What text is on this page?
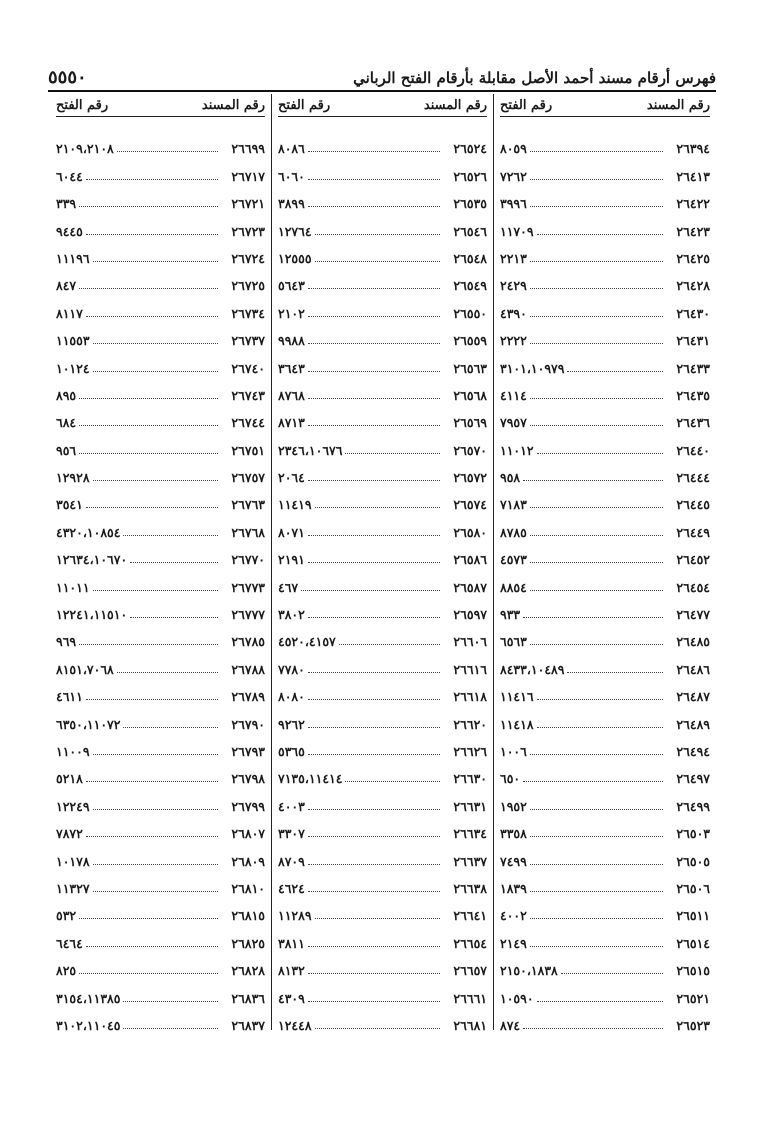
فهرس أرقام مسند أحمد الأصل مقابلة بأرقام الفتح الرباني
٥٥٥٠
رقم المسند
رقم الفتح
٢٦٣٩٤
٨٠٥٩
٢٦٤١٣
٧٢٦٢
٢٦٤٢٢
٣٩٩٦
٢٦٤٢٣
١١٧٠٩
٢٦٤٢٥
٢٢١٣
٢٦٤٢٨
٢٤٢٩
٢٦٤٣٠
٤٣٩٠
٢٦٤٣١
٢٢٢٢
٢٦٤٣٣
٣١٠١،١٠٩٧٩
٢٦٤٣٥
٤١١٤
٢٦٤٣٦
٧٩٥٧
٢٦٤٤٠
١١٠١٢
٢٦٤٤٤
٩٥٨
٢٦٤٤٥
٧١٨٣
٢٦٤٤٩
٨٧٨٥
٢٦٤٥٢
٤٥٧٣
٢٦٤٥٤
٨٨٥٤
٢٦٤٧٧
٩٣٣
٢٦٤٨٥
٦٥٦٣
٢٦٤٨٦
٨٤٣٣،١٠٤٨٩
٢٦٤٨٧
١١٤١٦
٢٦٤٨٩
١١٤١٨
٢٦٤٩٤
١٠٠٦
٢٦٤٩٧
٦٥٠
٢٦٤٩٩
١٩٥٢
٢٦٥٠٣
٣٣٥٨
٢٦٥٠٥
٧٤٩٩
٢٦٥٠٦
١٨٣٩
٢٦٥١١
٤٠٠٢
٢٦٥١٤
٢١٤٩
٢٦٥١٥
٢١٥٠،١٨٣٨
٢٦٥٢١
١٠٥٩٠
٢٦٥٢٣
٨٧٤
رقم المسند
رقم الفتح
٢٦٥٢٤
٨٠٨٦
٢٦٥٢٦
٦٠٦٠
٢٦٥٣٥
٣٨٩٩
٢٦٥٤٦
١٢٧٦٤
٢٦٥٤٨
١٢٥٥٥
٢٦٥٤٩
٥٦٤٣
٢٦٥٥٠
٢١٠٢
٢٦٥٥٩
٩٩٨٨
٢٦٥٦٣
٣٦٤٣
٢٦٥٦٨
٨٧٦٨
٢٦٥٦٩
٨٧١٣
٢٦٥٧٠
٢٣٤٦،١٠٦٧٦
٢٦٥٧٢
٢٠٦٤
٢٦٥٧٤
١١٤١٩
٢٦٥٨٠
٨٠٧١
٢٦٥٨٦
٢١٩١
٢٦٥٨٧
٤٦٧
٢٦٥٩٧
٣٨٠٢
٢٦٦٠٦
٤٥٢٠،٤١٥٧
٢٦٦١٦
٧٧٨٠
٢٦٦١٨
٨٠٨٠
٢٦٦٢٠
٩٢٦٢
٢٦٦٢٦
٥٣٦٥
٢٦٦٣٠
٧١٣٥،١١٤١٤
٢٦٦٣١
٤٠٠٣
٢٦٦٣٤
٣٣٠٧
٢٦٦٣٧
٨٧٠٩
٢٦٦٣٨
٤٦٢٤
٢٦٦٤١
١١٢٨٩
٢٦٦٥٤
٣٨١١
٢٦٦٥٧
٨١٣٢
٢٦٦٦١
٤٣٠٩
٢٦٦٨١
١٢٤٤٨
رقم المسند
رقم الفتح
٢٦٦٩٩
٢١٠٩،٢١٠٨
٢٦٧١٧
٦٠٤٤
٢٦٧٢١
٣٣٩
٢٦٧٢٣
٩٤٤٥
٢٦٧٢٤
١١١٩٦
٢٦٧٢٥
٨٤٧
٢٦٧٣٤
٨١١٧
٢٦٧٣٧
١١٥٥٣
٢٦٧٤٠
١٠١٢٤
٢٦٧٤٣
٨٩٥
٢٦٧٤٤
٦٨٤
٢٦٧٥١
٩٥٦
٢٦٧٥٧
١٢٩٢٨
٢٦٧٦٣
٣٥٤١
٢٦٧٦٨
٤٣٢٠،١٠٨٥٤
٢٦٧٧٠
١٢٦٣٤،١٠٦٧٠
٢٦٧٧٣
١١٠١١
٢٦٧٧٧
١٢٢٤١،١١٥١٠
٢٦٧٨٥
٩٦٩
٢٦٧٨٨
٨١٥١،٧٠٦٨
٢٦٧٨٩
٤٦١١
٢٦٧٩٠
٦٣٥٠،١١٠٧٢
٢٦٧٩٣
١١٠٠٩
٢٦٧٩٨
٥٢١٨
٢٦٧٩٩
١٢٢٤٩
٢٦٨٠٧
٧٨٧٢
٢٦٨٠٩
١٠١٧٨
٢٦٨١٠
١١٣٢٧
٢٦٨١٥
٥٣٢
٢٦٨٢٥
٦٤٦٤
٢٦٨٢٨
٨٢٥
٢٦٨٣٦
٣١٥٤،١١٣٨٥
٢٦٨٣٧
٣١٠٢،١١٠٤٥
